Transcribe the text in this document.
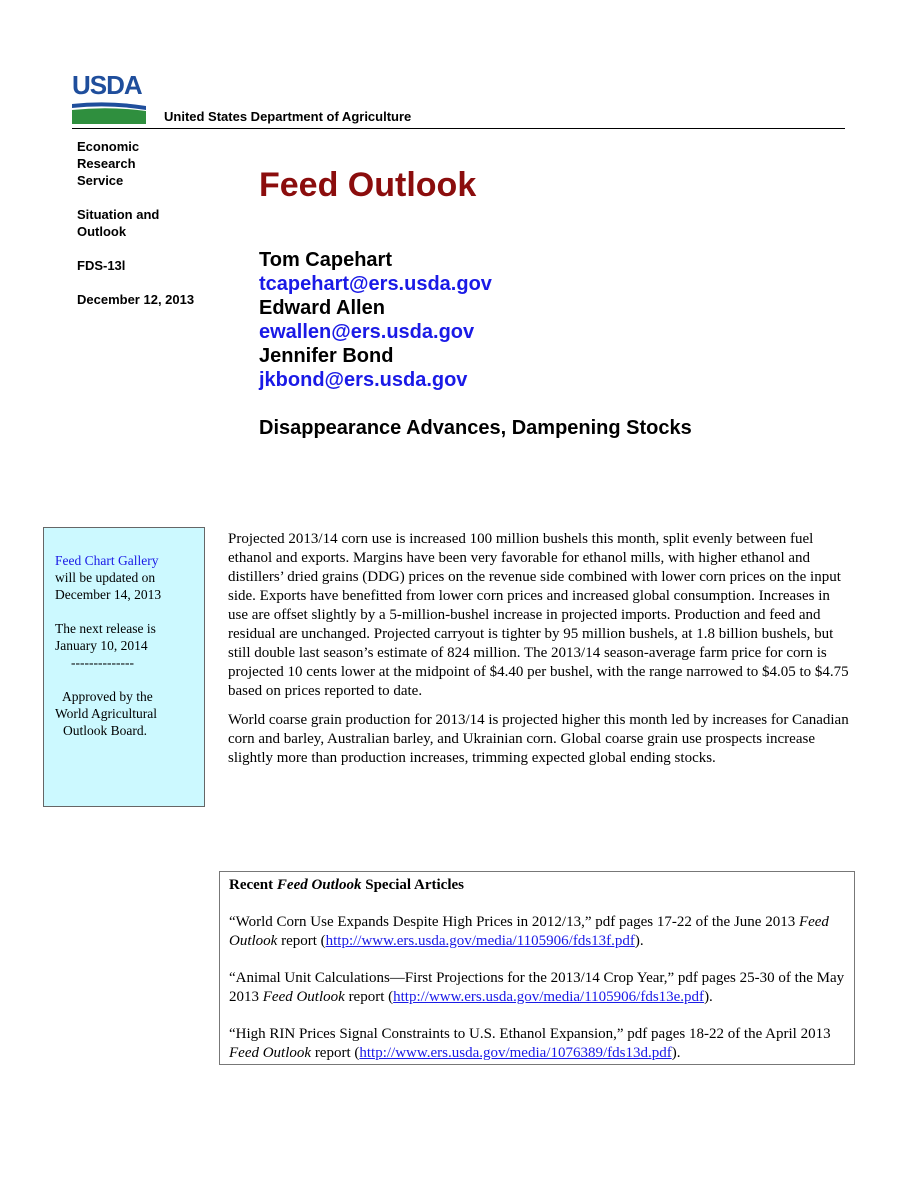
USDA
United States Department of Agriculture

Economic

Research

Service

Situation and

Outlook

FDS-13l

December 12, 2013

Feed Outlook
Tom Capehart
tcapehart@ers.usda.gov
Edward Allen
ewallen@ers.usda.gov
Jennifer Bond
jkbond@ers.usda.gov
Disappearance Advances, Dampening Stocks

Feed Chart Gallery

will be updated on

December 14, 2013

The next release is

January 10, 2014

--------------

Approved by the

World Agricultural

Outlook Board.

Projected 2013/14 corn use is increased 100 million bushels this month, split evenly between fuel ethanol and exports. Margins have been very favorable for ethanol mills, with higher ethanol and distillers’ dried grains (DDG) prices on the revenue side combined with lower corn prices on the input side. Exports have benefitted from lower corn prices and increased global consumption. Increases in use are offset slightly by a 5-million-bushel increase in projected imports. Production and feed and residual are unchanged. Projected carryout is tighter by 95 million bushels, at 1.8 billion bushels, but still double last season’s estimate of 824 million. The 2013/14 season-average farm price for corn is projected 10 cents lower at the midpoint of $4.40 per bushel, with the range narrowed to $4.05 to $4.75 based on prices reported to date.

World coarse grain production for 2013/14 is projected higher this month led by increases for Canadian corn and barley, Australian barley, and Ukrainian corn. Global coarse grain use prospects increase slightly more than production increases, trimming expected global ending stocks.

Recent Feed Outlook Special Articles

“World Corn Use Expands Despite High Prices in 2012/13,” pdf pages 17-22 of the June 2013 Feed Outlook report (http://www.ers.usda.gov/media/1105906/fds13f.pdf).

“Animal Unit Calculations—First Projections for the 2013/14 Crop Year,” pdf pages 25-30 of the May 2013 Feed Outlook report (http://www.ers.usda.gov/media/1105906/fds13e.pdf).

“High RIN Prices Signal Constraints to U.S. Ethanol Expansion,” pdf pages 18-22 of the April 2013 Feed Outlook report (http://www.ers.usda.gov/media/1076389/fds13d.pdf).
